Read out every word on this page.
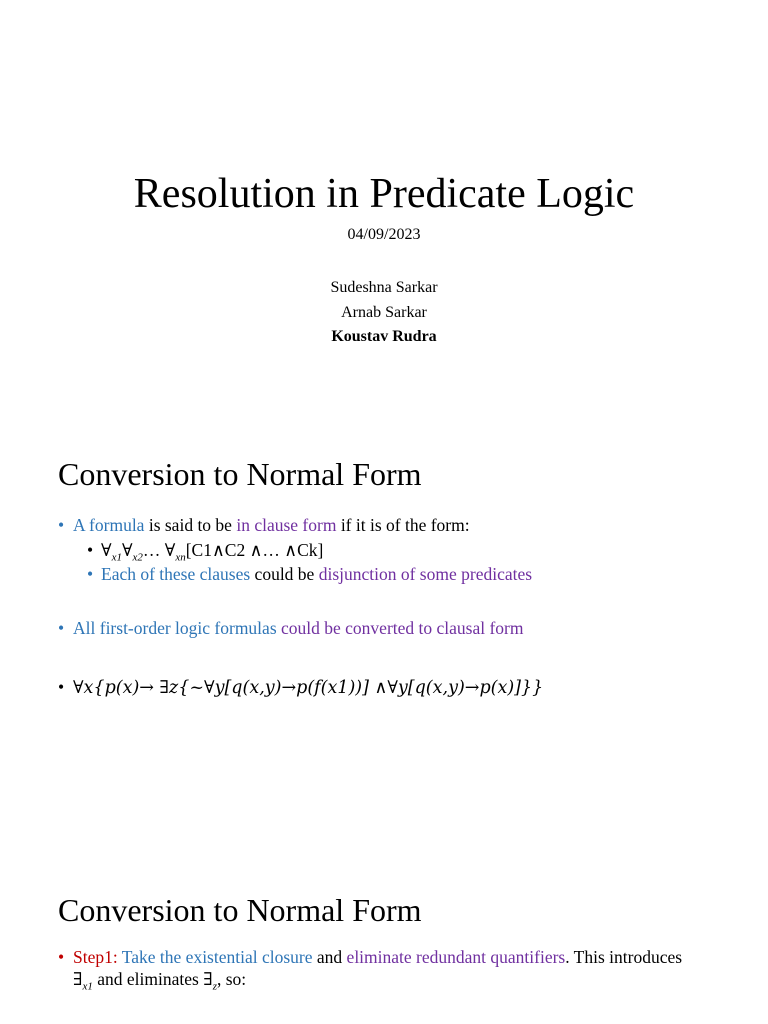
Resolution in Predicate Logic
04/09/2023
Sudeshna Sarkar
Arnab Sarkar
Koustav Rudra
Conversion to Normal Form
• A formula is said to be in clause form if it is of the form:
• $\forall_{x1}\forall_{x2}\dots$ $\forall_{xn}[C1\wedge C2$ ∧… ∧Ck]
• Each of these clauses could be disjunction of some predicates
• All first-order logic formulas could be converted to clausal form
• ∀x{p(x)→ ∃z{~∀y[q(x,y)→p(f(x1))] ∧∀y[q(x,y)→p(x)]}}
Conversion to Normal Form
• Step1: Take the existential closure and eliminate redundant quantifiers. This introduces $\exists_{x1}$ and eliminates $\exists_z$, so:
